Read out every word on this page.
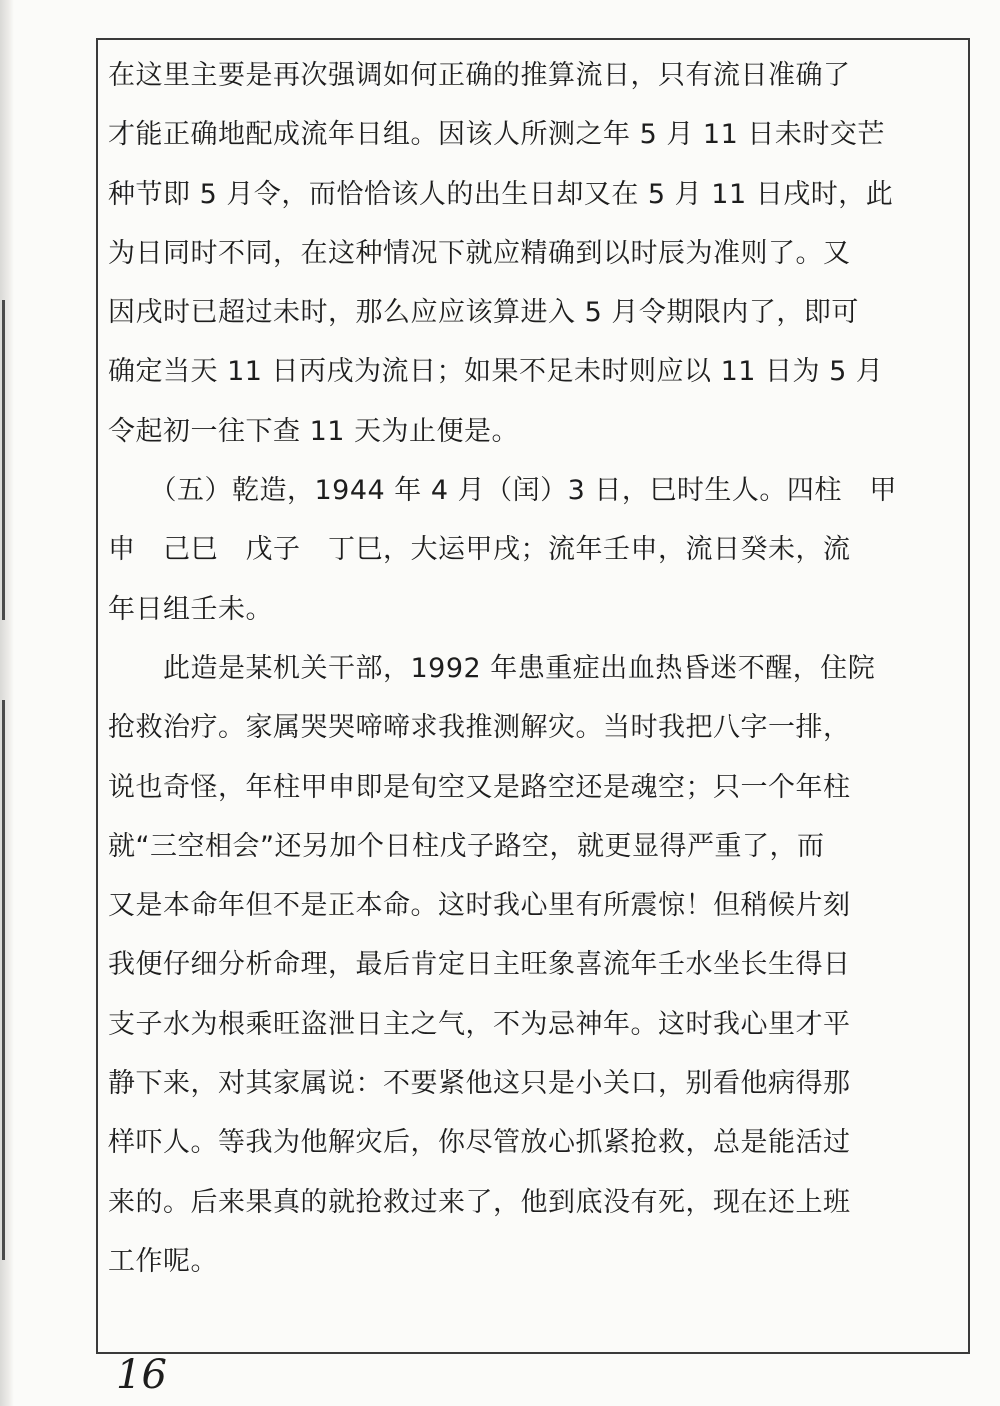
在这里主要是再次强调如何正确的推算流日，只有流日准确了
才能正确地配成流年日组。因该人所测之年 5 月 11 日未时交芒
种节即 5 月令，而恰恰该人的出生日却又在 5 月 11 日戌时，此
为日同时不同，在这种情况下就应精确到以时辰为准则了。又
因戌时已超过未时，那么应应该算进入 5 月令期限内了，即可
确定当天 11 日丙戌为流日；如果不足未时则应以 11 日为 5 月
令起初一往下查 11 天为止便是。
　　（五）乾造，1944 年 4 月（闰）3 日，巳时生人。四柱　甲
申　己巳　戊子　丁巳，大运甲戌；流年壬申，流日癸未，流
年日组壬未。
　　此造是某机关干部，1992 年患重症出血热昏迷不醒，住院
抢救治疗。家属哭哭啼啼求我推测解灾。当时我把八字一排，
说也奇怪，年柱甲申即是旬空又是路空还是魂空；只一个年柱
就“三空相会”还另加个日柱戊子路空，就更显得严重了，而
又是本命年但不是正本命。这时我心里有所震惊！但稍候片刻
我便仔细分析命理，最后肯定日主旺象喜流年壬水坐长生得日
支子水为根乘旺盗泄日主之气，不为忌神年。这时我心里才平
静下来，对其家属说：不要紧他这只是小关口，别看他病得那
样吓人。等我为他解灾后，你尽管放心抓紧抢救，总是能活过
来的。后来果真的就抢救过来了，他到底没有死，现在还上班
工作呢。
16
